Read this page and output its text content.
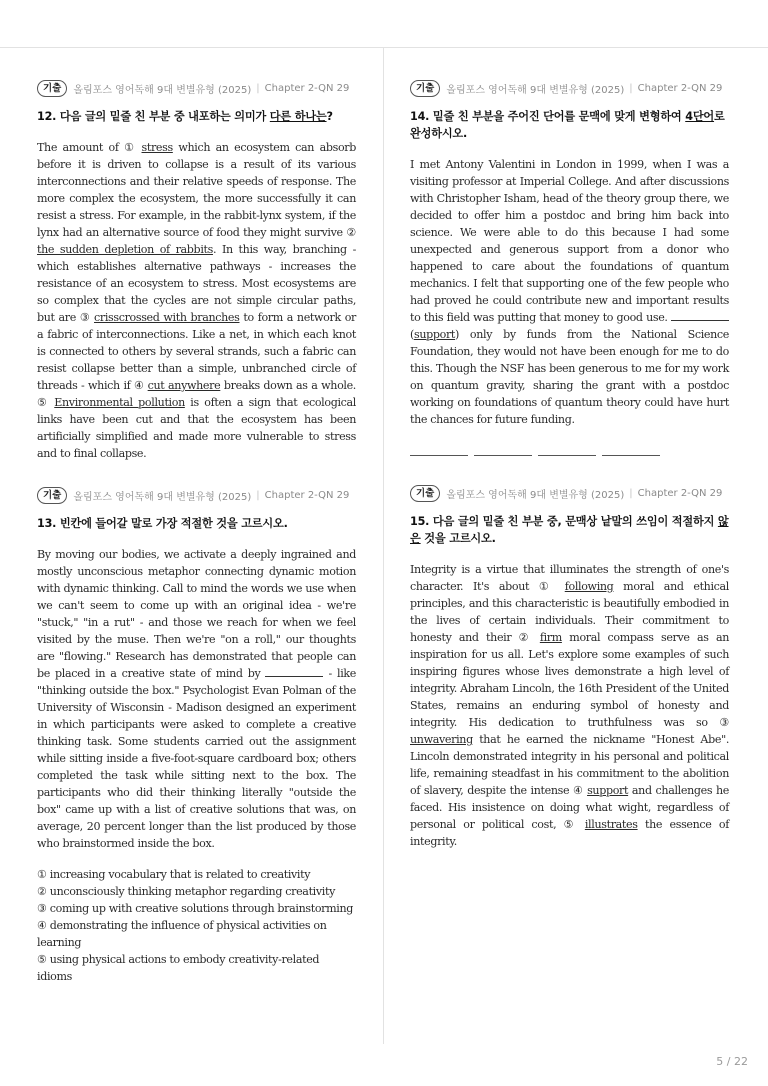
기출	올림포스 영어독해 9대 변별유형 (2025) | Chapter 2-QN 29
12. 다음 글의 밑줄 친 부분 중 내포하는 의미가 다른 하나는?
The amount of ① stress which an ecosystem can absorb before it is driven to collapse is a result of its various interconnections and their relative speeds of response. The more complex the ecosystem, the more successfully it can resist a stress. For example, in the rabbit-lynx system, if the lynx had an alternative source of food they might survive ② the sudden depletion of rabbits. In this way, branching - which establishes alternative pathways - increases the resistance of an ecosystem to stress. Most ecosystems are so complex that the cycles are not simple circular paths, but are ③ crisscrossed with branches to form a network or a fabric of interconnections. Like a net, in which each knot is connected to others by several strands, such a fabric can resist collapse better than a simple, unbranched circle of threads - which if ④ cut anywhere breaks down as a whole. ⑤ Environmental pollution is often a sign that ecological links have been cut and that the ecosystem has been artificially simplified and made more vulnerable to stress and to final collapse.
기출	올림포스 영어독해 9대 변별유형 (2025) | Chapter 2-QN 29
13. 빈칸에 들어갈 말로 가장 적절한 것을 고르시오.
By moving our bodies, we activate a deeply ingrained and mostly unconscious metaphor connecting dynamic motion with dynamic thinking. Call to mind the words we use when we can't seem to come up with an original idea - we're "stuck," "in a rut" - and those we reach for when we feel visited by the muse. Then we're "on a roll," our thoughts are "flowing." Research has demonstrated that people can be placed in a creative state of mind by	- like "thinking outside the box." Psychologist Evan Polman of the University of Wisconsin - Madison designed an experiment in which participants were asked to complete a creative thinking task. Some students carried out the assignment while sitting inside a five-foot-square cardboard box; others completed the task while sitting next to the box. The participants who did their thinking literally "outside the box" came up with a list of creative solutions that was, on average, 20 percent longer than the list produced by those who brainstormed inside the box.
① increasing vocabulary that is related to creativity
② unconsciously thinking metaphor regarding creativity
③ coming up with creative solutions through brainstorming
④ demonstrating the influence of physical activities on learning
⑤ using physical actions to embody creativity-related idioms
기출	올림포스 영어독해 9대 변별유형 (2025) | Chapter 2-QN 29
14. 밑줄 친 부분을 주어진 단어를 문맥에 맞게 변형하여 4단어로 완성하시오.
I met Antony Valentini in London in 1999, when I was a visiting professor at Imperial College. And after discussions with Christopher Isham, head of the theory group there, we decided to offer him a postdoc and bring him back into science. We were able to do this because I had some unexpected and generous support from a donor who happened to care about the foundations of quantum mechanics. I felt that supporting one of the few people who had proved he could contribute new and important results to this field was putting that money to good use.  (support) only by funds from the National Science Foundation, they would not have been enough for me to do this. Though the NSF has been generous to me for my work on quantum gravity, sharing the grant with a postdoc working on foundations of quantum theory could have hurt the chances for future funding.
기출	올림포스 영어독해 9대 변별유형 (2025) | Chapter 2-QN 29
15. 다음 글의 밑줄 친 부분 중, 문맥상 낱말의 쓰임이 적절하지 않은 것을 고르시오.
Integrity is a virtue that illuminates the strength of one's character. It's about ① following moral and ethical principles, and this characteristic is beautifully embodied in the lives of certain individuals. Their commitment to honesty and their ② firm moral compass serve as an inspiration for us all. Let's explore some examples of such inspiring figures whose lives demonstrate a high level of integrity. Abraham Lincoln, the 16th President of the United States, remains an enduring symbol of honesty and integrity. His dedication to truthfulness was so ③ unwavering that he earned the nickname "Honest Abe". Lincoln demonstrated integrity in his personal and political life, remaining steadfast in his commitment to the abolition of slavery, despite the intense ④ support and challenges he faced. His insistence on doing what wight, regardless of personal or political cost, ⑤ illustrates the essence of integrity.
5 / 22
